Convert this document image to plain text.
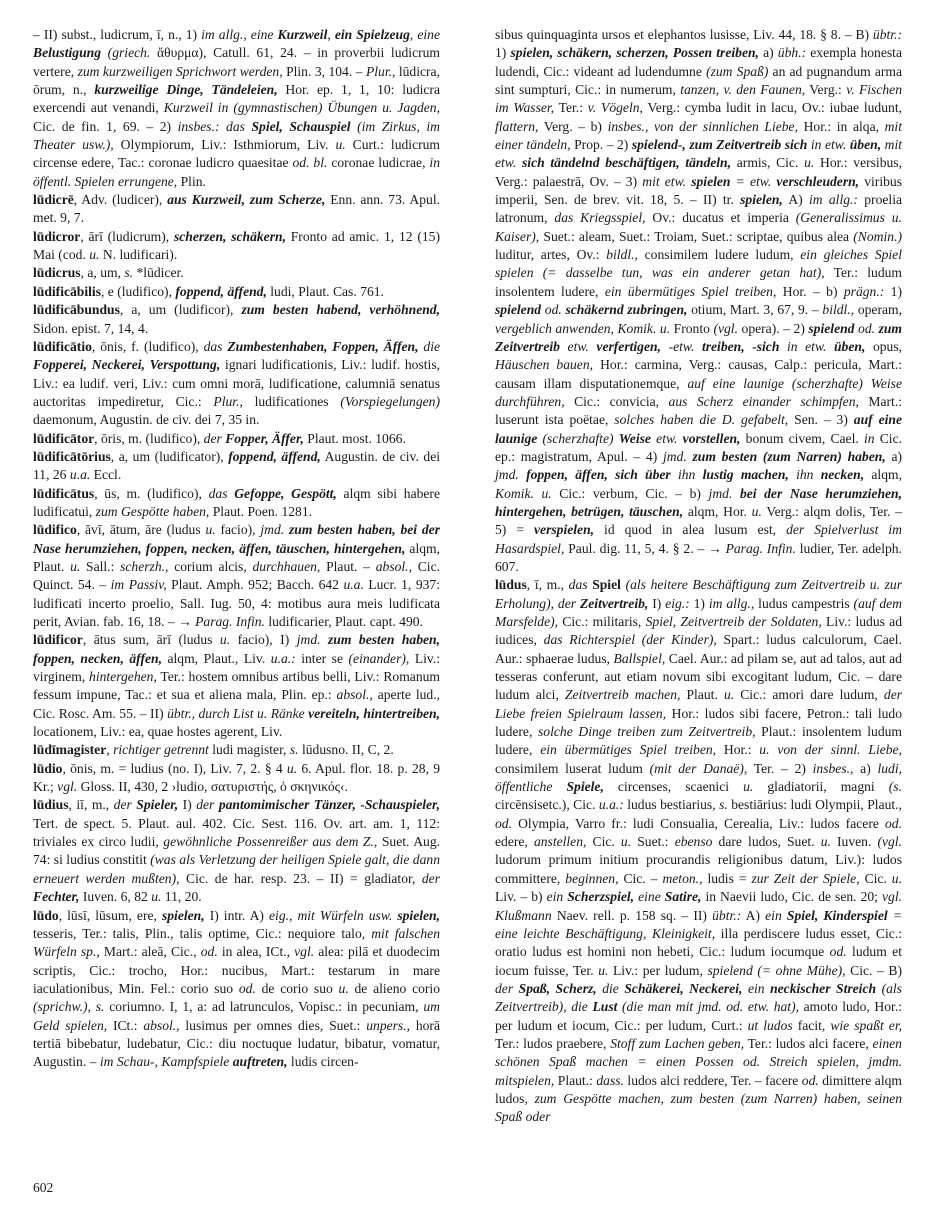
– II) subst., ludicrum, ī, n., 1) im allg., eine Kurzweil, ein Spielzeug, eine Belustigung (griech. ἄθυρμα), Catull. 61, 24. – in proverbii ludicrum vertere, zum kurzweiligen Sprichwort werden, Plin. 3, 104. – Plur., lūdicra, ōrum, n., kurzweilige Dinge, Tändeleien, Hor. ep. 1, 1, 10: ludicra exercendi aut venandi, Kurzweil in (gymnastischen) Übungen u. Jagden, Cic. de fin. 1, 69. – 2) insbes.: das Spiel, Schauspiel (im Zirkus, im Theater usw.), Olympiorum, Liv.: Isthmiorum, Liv. u. Curt.: ludicrum circense edere, Tac.: coronae ludicro quaesitae od. bl. coronae ludicrae, in öffentl. Spielen errungene, Plin.

lūdicrē, Adv. (ludicer), aus Kurzweil, zum Scherze, Enn. ann. 73. Apul. met. 9, 7.

lūdicror, ārī (ludicrum), scherzen, schäkern, Fronto ad amic. 1, 12 (15) Mai (cod. u. N. ludificari).

lūdicrus, a, um, s. *lūdicer.

lūdificābilis, e (ludifico), foppend, äffend, ludi, Plaut. Cas. 761.

lūdificābundus, a, um (ludificor), zum besten habend, verhöhnend, Sidon. epist. 7, 14, 4.

lūdificātio, ōnis, f. (ludifico), das Zumbestenhaben, Foppen, Äffen, die Fopperei, Neckerei, Verspottung, ignari ludificationis, Liv.: ludif. hostis, Liv.: ea ludif. veri, Liv.: cum omni morā, ludificatione, calumniā senatus auctoritas impediretur, Cic.: Plur., ludificationes (Vorspiegelungen) daemonum, Augustin. de civ. dei 7, 35 in.

lūdificātor, ōris, m. (ludifico), der Fopper, Äffer, Plaut. most. 1066.

lūdificātōrius, a, um (ludificator), foppend, äffend, Augustin. de civ. dei 11, 26 u.a. Eccl.

lūdificātus, ūs, m. (ludifico), das Gefoppe, Gespött, alqm sibi habere ludificatui, zum Gespötte haben, Plaut. Poen. 1281.

lūdifico, āvī, ātum, āre (ludus u. facio), jmd. zum besten haben, bei der Nase herumziehen, foppen, necken, äffen, täuschen, hintergehen, alqm, Plaut. u. Sall.: scherzh., corium alcis, durchhauen, Plaut. – absol., Cic. Quinct. 54. – im Passiv, Plaut. Amph. 952; Bacch. 642 u.a. Lucr. 1, 937: ludificati incerto proelio, Sall. Iug. 50, 4: motibus aura meis ludificata perit, Avian. fab. 16, 18. – → Parag. Infin. ludificarier, Plaut. capt. 490.

lūdificor, ātus sum, ārī (ludus u. facio), I) jmd. zum besten haben, foppen, necken, äffen, alqm, Plaut., Liv. u.a.: inter se (einander), Liv.: virginem, hintergehen, Ter.: hostem omnibus artibus belli, Liv.: Romanum fessum impune, Tac.: et sua et aliena mala, Plin. ep.: absol., aperte lud., Cic. Rosc. Am. 55. – II) übtr., durch List u. Ränke vereiteln, hintertreiben, locationem, Liv.: ea, quae hostes agerent, Liv.

lūdīmagister, richtiger getrennt ludi magister, s. lūdusno. II, C, 2.

lūdio, ōnis, m. = ludius (no. I), Liv. 7, 2. § 4 u. 6. Apul. flor. 18. p. 28, 9 Kr.; vgl. Gloss. II, 430, 2 ›ludio, σατυριστής, ὁ σκηνικός‹.

lūdius, iī, m., der Spieler, I) der pantomimischer Tänzer, -Schauspieler, Tert. de spect. 5. Plaut. aul. 402. Cic. Sest. 116. Ov. art. am. 1, 112: triviales ex circo ludii, gewöhnliche Possenreißer aus dem Z., Suet. Aug. 74: si ludius constitit (was als Verletzung der heiligen Spiele galt, die dann erneuert werden mußten), Cic. de har. resp. 23. – II) = gladiator, der Fechter, Iuven. 6, 82 u. 11, 20.

lūdo, lūsī, lūsum, ere, spielen, I) intr. A) eig., mit Würfeln usw. spielen, tesseris, Ter.: talis, Plin., talis optime, Cic.: nequiore talo, mit falschen Würfeln sp., Mart.: aleā, Cic., od. in alea, ICt., vgl. alea: pilā et duodecim scriptis, Cic.: trocho, Hor.: nucibus, Mart.: testarum in mare iaculationibus, Min. Fel.: corio suo od. de corio suo u. de alieno corio (sprichw.), s. coriumno. I, 1, a: ad latrunculos, Vopisc.: in pecuniam, um Geld spielen, ICt.: absol., lusimus per omnes dies, Suet.: unpers., horā tertiā bibebatur, ludebatur, Cic.: diu noctuque ludatur, bibatur, vomatur, Augustin. – im Schau-, Kampfspiele auftreten, ludis circen-

sibus quinquaginta ursos et elephantos lusisse, Liv. 44, 18. § 8. – B) übtr.: 1) spielen, schäkern, scherzen, Possen treiben, a) übh.: exempla honesta ludendi, Cic.: videant ad ludendumne (zum Spaß) an ad pugnandum arma sint sumpturi, Cic.: in numerum, tanzen, v. den Faunen, Verg.: v. Fischen im Wasser, Ter.: v. Vögeln, Verg.: cymba ludit in lacu, Ov.: iubae ludunt, flattern, Verg. – b) insbes., von der sinnlichen Liebe, Hor.: in alqa, mit einer tändeln, Prop. – 2) spielend-, zum Zeitvertreib sich in etw. üben, mit etw. sich tändelnd beschäftigen, tändeln, armis, Cic. u. Hor.: versibus, Verg.: palaestrā, Ov. – 3) mit etw. spielen = etw. verschleudern, viribus imperii, Sen. de brev. vit. 18, 5. – II) tr. spielen, A) im allg.: proelia latronum, das Kriegsspiel, Ov.: ducatus et imperia (Generalissimus u. Kaiser), Suet.: aleam, Suet.: Troiam, Suet.: scriptae, quibus alea (Nomin.) luditur, artes, Ov.: bildl., consimilem ludere ludum, ein gleiches Spiel spielen (= dasselbe tun, was ein anderer getan hat), Ter.: ludum insolentem ludere, ein übermütiges Spiel treiben, Hor. – b) prägn.: 1) spielend od. schäkernd zubringen, otium, Mart. 3, 67, 9. – bildl., operam, vergeblich anwenden, Komik. u. Fronto (vgl. opera). – 2) spielend od. zum Zeitvertreib etw. verfertigen, -etw. treiben, -sich in etw. üben, opus, Häuschen bauen, Hor.: carmina, Verg.: causas, Calp.: pericula, Mart.: causam illam disputationemque, auf eine launige (scherzhafte) Weise durchführen, Cic.: convicia, aus Scherz einander schimpfen, Mart.: luserunt ista poëtae, solches haben die D. gefabelt, Sen. – 3) auf eine launige (scherzhafte) Weise etw. vorstellen, bonum civem, Cael. in Cic. ep.: magistratum, Apul. – 4) jmd. zum besten (zum Narren) haben, a) jmd. foppen, äffen, sich über ihn lustig machen, ihn necken, alqm, Komik. u. Cic.: verbum, Cic. – b) jmd. bei der Nase herumziehen, hintergehen, betrügen, täuschen, alqm, Hor. u. Verg.: alqm dolis, Ter. – 5) = verspielen, id quod in alea lusum est, der Spielverlust im Hasardspiel, Paul. dig. 11, 5, 4. § 2. – → Parag. Infin. ludier, Ter. adelph. 607.

lūdus, ī, m., das Spiel (als heitere Beschäftigung zum Zeitvertreib u. zur Erholung), der Zeitvertreib, I) eig.: 1) im allg., ludus campestris (auf dem Marsfelde), Cic.: militaris, Spiel, Zeitvertreib der Soldaten, Liv.: ludus ad iudices, das Richterspiel (der Kinder), Spart.: ludus calculorum, Cael. Aur.: sphaerae ludus, Ballspiel, Cael. Aur.: ad pilam se, aut ad talos, aut ad tesseras conferunt, aut etiam novum sibi excogitant ludum, Cic. – dare ludum alci, Zeitvertreib machen, Plaut. u. Cic.: amori dare ludum, der Liebe freien Spielraum lassen, Hor.: ludos sibi facere, Petron.: tali ludo ludere, solche Dinge treiben zum Zeitvertreib, Plaut.: insolentem ludum ludere, ein übermütiges Spiel treiben, Hor.: u. von der sinnl. Liebe, consimilem luserat ludum (mit der Danaë), Ter. – 2) insbes., a) ludi, öffentliche Spiele, circenses, scaenici u. gladiatorii, magni (s. circēnsisetc.), Cic. u.a.: ludus bestiarius, s. bestiārius: ludi Olympii, Plaut., od. Olympia, Varro fr.: ludi Consualia, Cerealia, Liv.: ludos facere od. edere, anstellen, Cic. u. Suet.: ebenso dare ludos, Suet. u. Iuven. (vgl. ludorum primum initium procurandis religionibus datum, Liv.): ludos committere, beginnen, Cic. – meton., ludis = zur Zeit der Spiele, Cic. u. Liv. – b) ein Scherzspiel, eine Satire, in Naevii ludo, Cic. de sen. 20; vgl. Klußmann Naev. rell. p. 158 sq. – II) übtr.: A) ein Spiel, Kinderspiel = eine leichte Beschäftigung, Kleinigkeit, illa perdiscere ludus esset, Cic.: oratio ludus est homini non hebeti, Cic.: ludum iocumque od. ludum et iocum fuisse, Ter. u. Liv.: per ludum, spielend (= ohne Mühe), Cic. – B) der Spaß, Scherz, die Schäkerei, Neckerei, ein neckischer Streich (als Zeitvertreib), die Lust (die man mit jmd. od. etw. hat), amoto ludo, Hor.: per ludum et iocum, Cic.: per ludum, Curt.: ut ludos facit, wie spaßt er, Ter.: ludos praebere, Stoff zum Lachen geben, Ter.: ludos alci facere, einen schönen Spaß machen = einen Possen od. Streich spielen, jmdm. mitspielen, Plaut.: dass. ludos alci reddere, Ter. – facere od. dimittere alqm ludos, zum Gespötte machen, zum besten (zum Narren) haben, seinen Spaß oder

602
